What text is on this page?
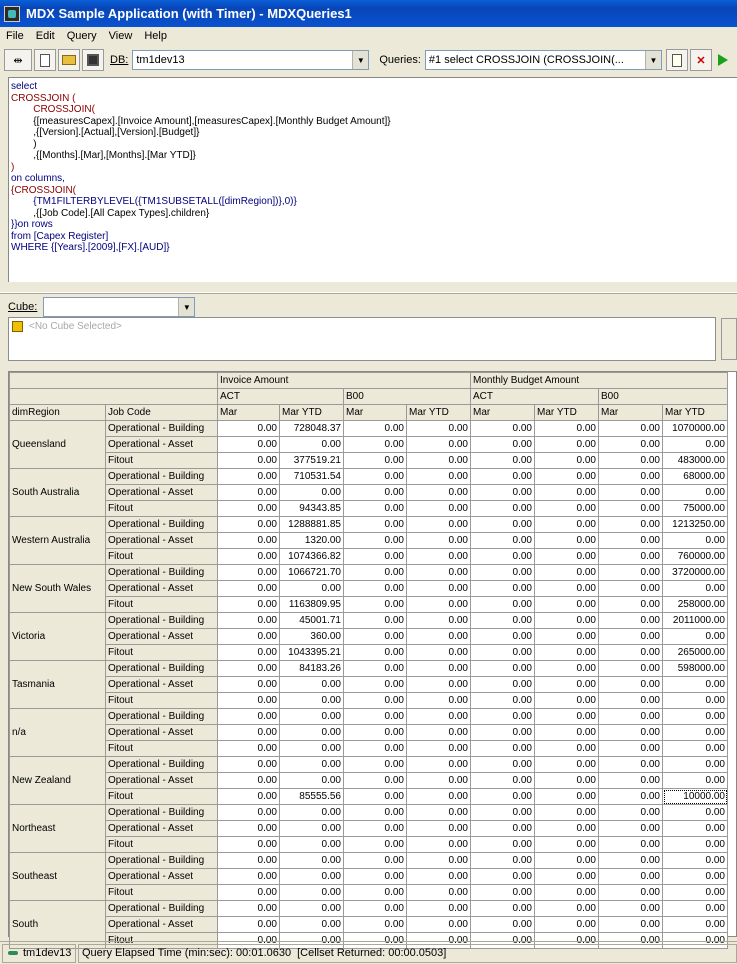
MDX Sample Application (with Timer) - MDXQueries1
File	Edit	Query	View	Help
⇹	DB: tm1dev13	▼	Queries: #1 select CROSSJOIN (CROSSJOIN(...	▼	✕
select
CROSSJOIN (
CROSSJOIN(
{[measuresCapex].[Invoice Amount],[measuresCapex].[Monthly Budget Amount]}
,{[Version].[Actual],[Version].[Budget]}
)
,{[Months].[Mar],[Months].[Mar YTD]}
)
on columns,
{CROSSJOIN(
{TM1FILTERBYLEVEL({TM1SUBSETALL([dimRegion])},0)}
,{[Job Code].[All Capex Types].children}
}}on rows
from [Capex Register]
WHERE {[Years].[2009],[FX].[AUD]}
Cube:	▼
<No Cube Selected>
		Invoice Amount				Monthly Budget Amount			
		ACT		B00		ACT		B00	
dimRegion	Job Code	Mar	Mar YTD	Mar	Mar YTD	Mar	Mar YTD	Mar	Mar YTD
Queensland	Operational - Building	0.00	728048.37	0.00	0.00	0.00	0.00	0.00	1070000.00
	Operational - Asset	0.00	0.00	0.00	0.00	0.00	0.00	0.00	0.00
	Fitout	0.00	377519.21	0.00	0.00	0.00	0.00	0.00	483000.00
South Australia	Operational - Building	0.00	710531.54	0.00	0.00	0.00	0.00	0.00	68000.00
	Operational - Asset	0.00	0.00	0.00	0.00	0.00	0.00	0.00	0.00
	Fitout	0.00	94343.85	0.00	0.00	0.00	0.00	0.00	75000.00
Western Australia	Operational - Building	0.00	1288881.85	0.00	0.00	0.00	0.00	0.00	1213250.00
	Operational - Asset	0.00	1320.00	0.00	0.00	0.00	0.00	0.00	0.00
	Fitout	0.00	1074366.82	0.00	0.00	0.00	0.00	0.00	760000.00
New South Wales	Operational - Building	0.00	1066721.70	0.00	0.00	0.00	0.00	0.00	3720000.00
	Operational - Asset	0.00	0.00	0.00	0.00	0.00	0.00	0.00	0.00
	Fitout	0.00	1163809.95	0.00	0.00	0.00	0.00	0.00	258000.00
Victoria	Operational - Building	0.00	45001.71	0.00	0.00	0.00	0.00	0.00	2011000.00
	Operational - Asset	0.00	360.00	0.00	0.00	0.00	0.00	0.00	0.00
	Fitout	0.00	1043395.21	0.00	0.00	0.00	0.00	0.00	265000.00
Tasmania	Operational - Building	0.00	84183.26	0.00	0.00	0.00	0.00	0.00	598000.00
	Operational - Asset	0.00	0.00	0.00	0.00	0.00	0.00	0.00	0.00
	Fitout	0.00	0.00	0.00	0.00	0.00	0.00	0.00	0.00
n/a	Operational - Building	0.00	0.00	0.00	0.00	0.00	0.00	0.00	0.00
	Operational - Asset	0.00	0.00	0.00	0.00	0.00	0.00	0.00	0.00
	Fitout	0.00	0.00	0.00	0.00	0.00	0.00	0.00	0.00
New Zealand	Operational - Building	0.00	0.00	0.00	0.00	0.00	0.00	0.00	0.00
	Operational - Asset	0.00	0.00	0.00	0.00	0.00	0.00	0.00	0.00
	Fitout	0.00	85555.56	0.00	0.00	0.00	0.00	0.00	10000.00
Northeast	Operational - Building	0.00	0.00	0.00	0.00	0.00	0.00	0.00	0.00
	Operational - Asset	0.00	0.00	0.00	0.00	0.00	0.00	0.00	0.00
	Fitout	0.00	0.00	0.00	0.00	0.00	0.00	0.00	0.00
Southeast	Operational - Building	0.00	0.00	0.00	0.00	0.00	0.00	0.00	0.00
	Operational - Asset	0.00	0.00	0.00	0.00	0.00	0.00	0.00	0.00
	Fitout	0.00	0.00	0.00	0.00	0.00	0.00	0.00	0.00
South	Operational - Building	0.00	0.00	0.00	0.00	0.00	0.00	0.00	0.00
	Operational - Asset	0.00	0.00	0.00	0.00	0.00	0.00	0.00	0.00
	Fitout	0.00	0.00	0.00	0.00	0.00	0.00	0.00	0.00
tm1dev13 Query Elapsed Time (min:sec): 00:01.0630 [Cellset Returned: 00:00.0503]
